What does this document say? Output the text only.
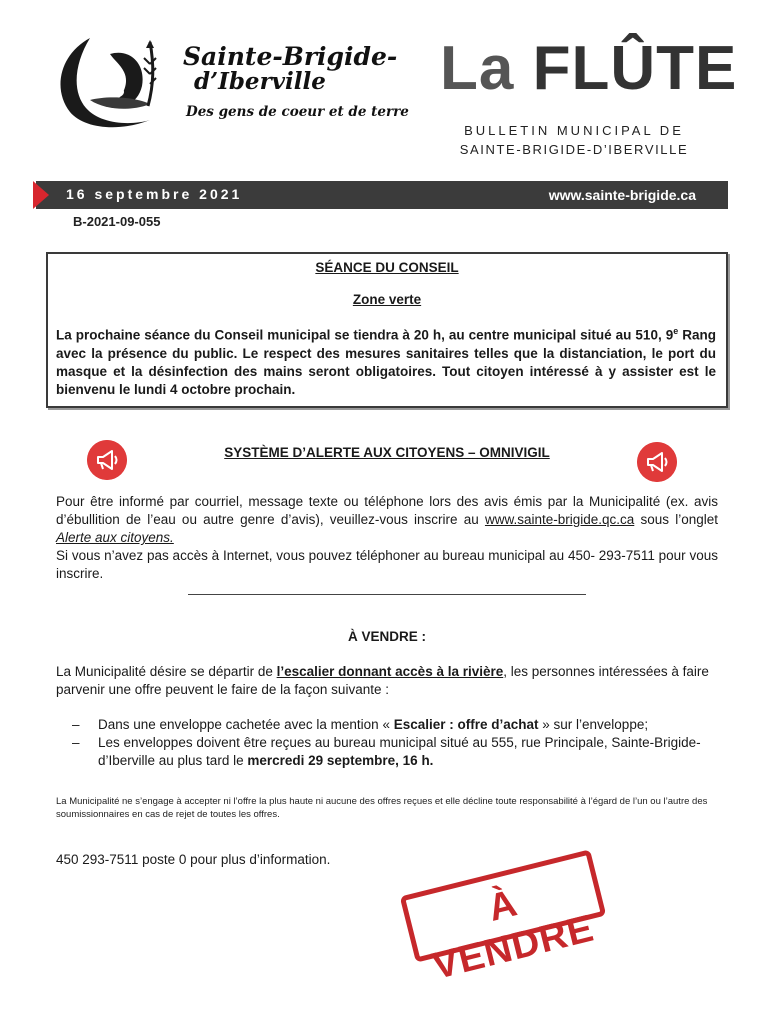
Sainte-Brigide-
d’Iberville
Des gens de coeur et de terre
La FLÛTE
BULLETIN MUNICIPAL DE
SAINTE-BRIGIDE-D’IBERVILLE
16 septembre 2021	www.sainte-brigide.ca
B-2021-09-055
SÉANCE DU CONSEIL
Zone verte
La prochaine séance du Conseil municipal se tiendra à 20 h, au centre municipal situé au 510, 9e Rang avec la présence du public. Le respect des mesures sanitaires telles que la distanciation, le port du masque et la désinfection des mains seront obligatoires. Tout citoyen intéressé à y assister est le bienvenu le lundi 4 octobre prochain.
SYSTÈME D’ALERTE AUX CITOYENS – OMNIVIGIL
Pour être informé par courriel, message texte ou téléphone lors des avis émis par la Municipalité (ex. avis d’ébullition de l’eau ou autre genre d’avis), veuillez-vous inscrire au www.sainte-brigide.qc.ca sous l’onglet Alerte aux citoyens.
Si vous n’avez pas accès à Internet, vous pouvez téléphoner au bureau municipal au 450- 293-7511 pour vous inscrire.
À VENDRE :
La Municipalité désire se départir de l’escalier donnant accès à la rivière, les personnes intéressées à faire parvenir une offre peuvent le faire de la façon suivante :
– Dans une enveloppe cachetée avec la mention « Escalier : offre d’achat » sur l’enveloppe;
– Les enveloppes doivent être reçues au bureau municipal situé au 555, rue Principale, Sainte-Brigide-d’Iberville au plus tard le mercredi 29 septembre, 16 h.
La Municipalité ne s’engage à accepter ni l’offre la plus haute ni aucune des offres reçues et elle décline toute responsabilité à l’égard de l’un ou l’autre des soumissionnaires en cas de rejet de toutes les offres.
450 293-7511 poste 0 pour plus d’information.
À VENDRE
